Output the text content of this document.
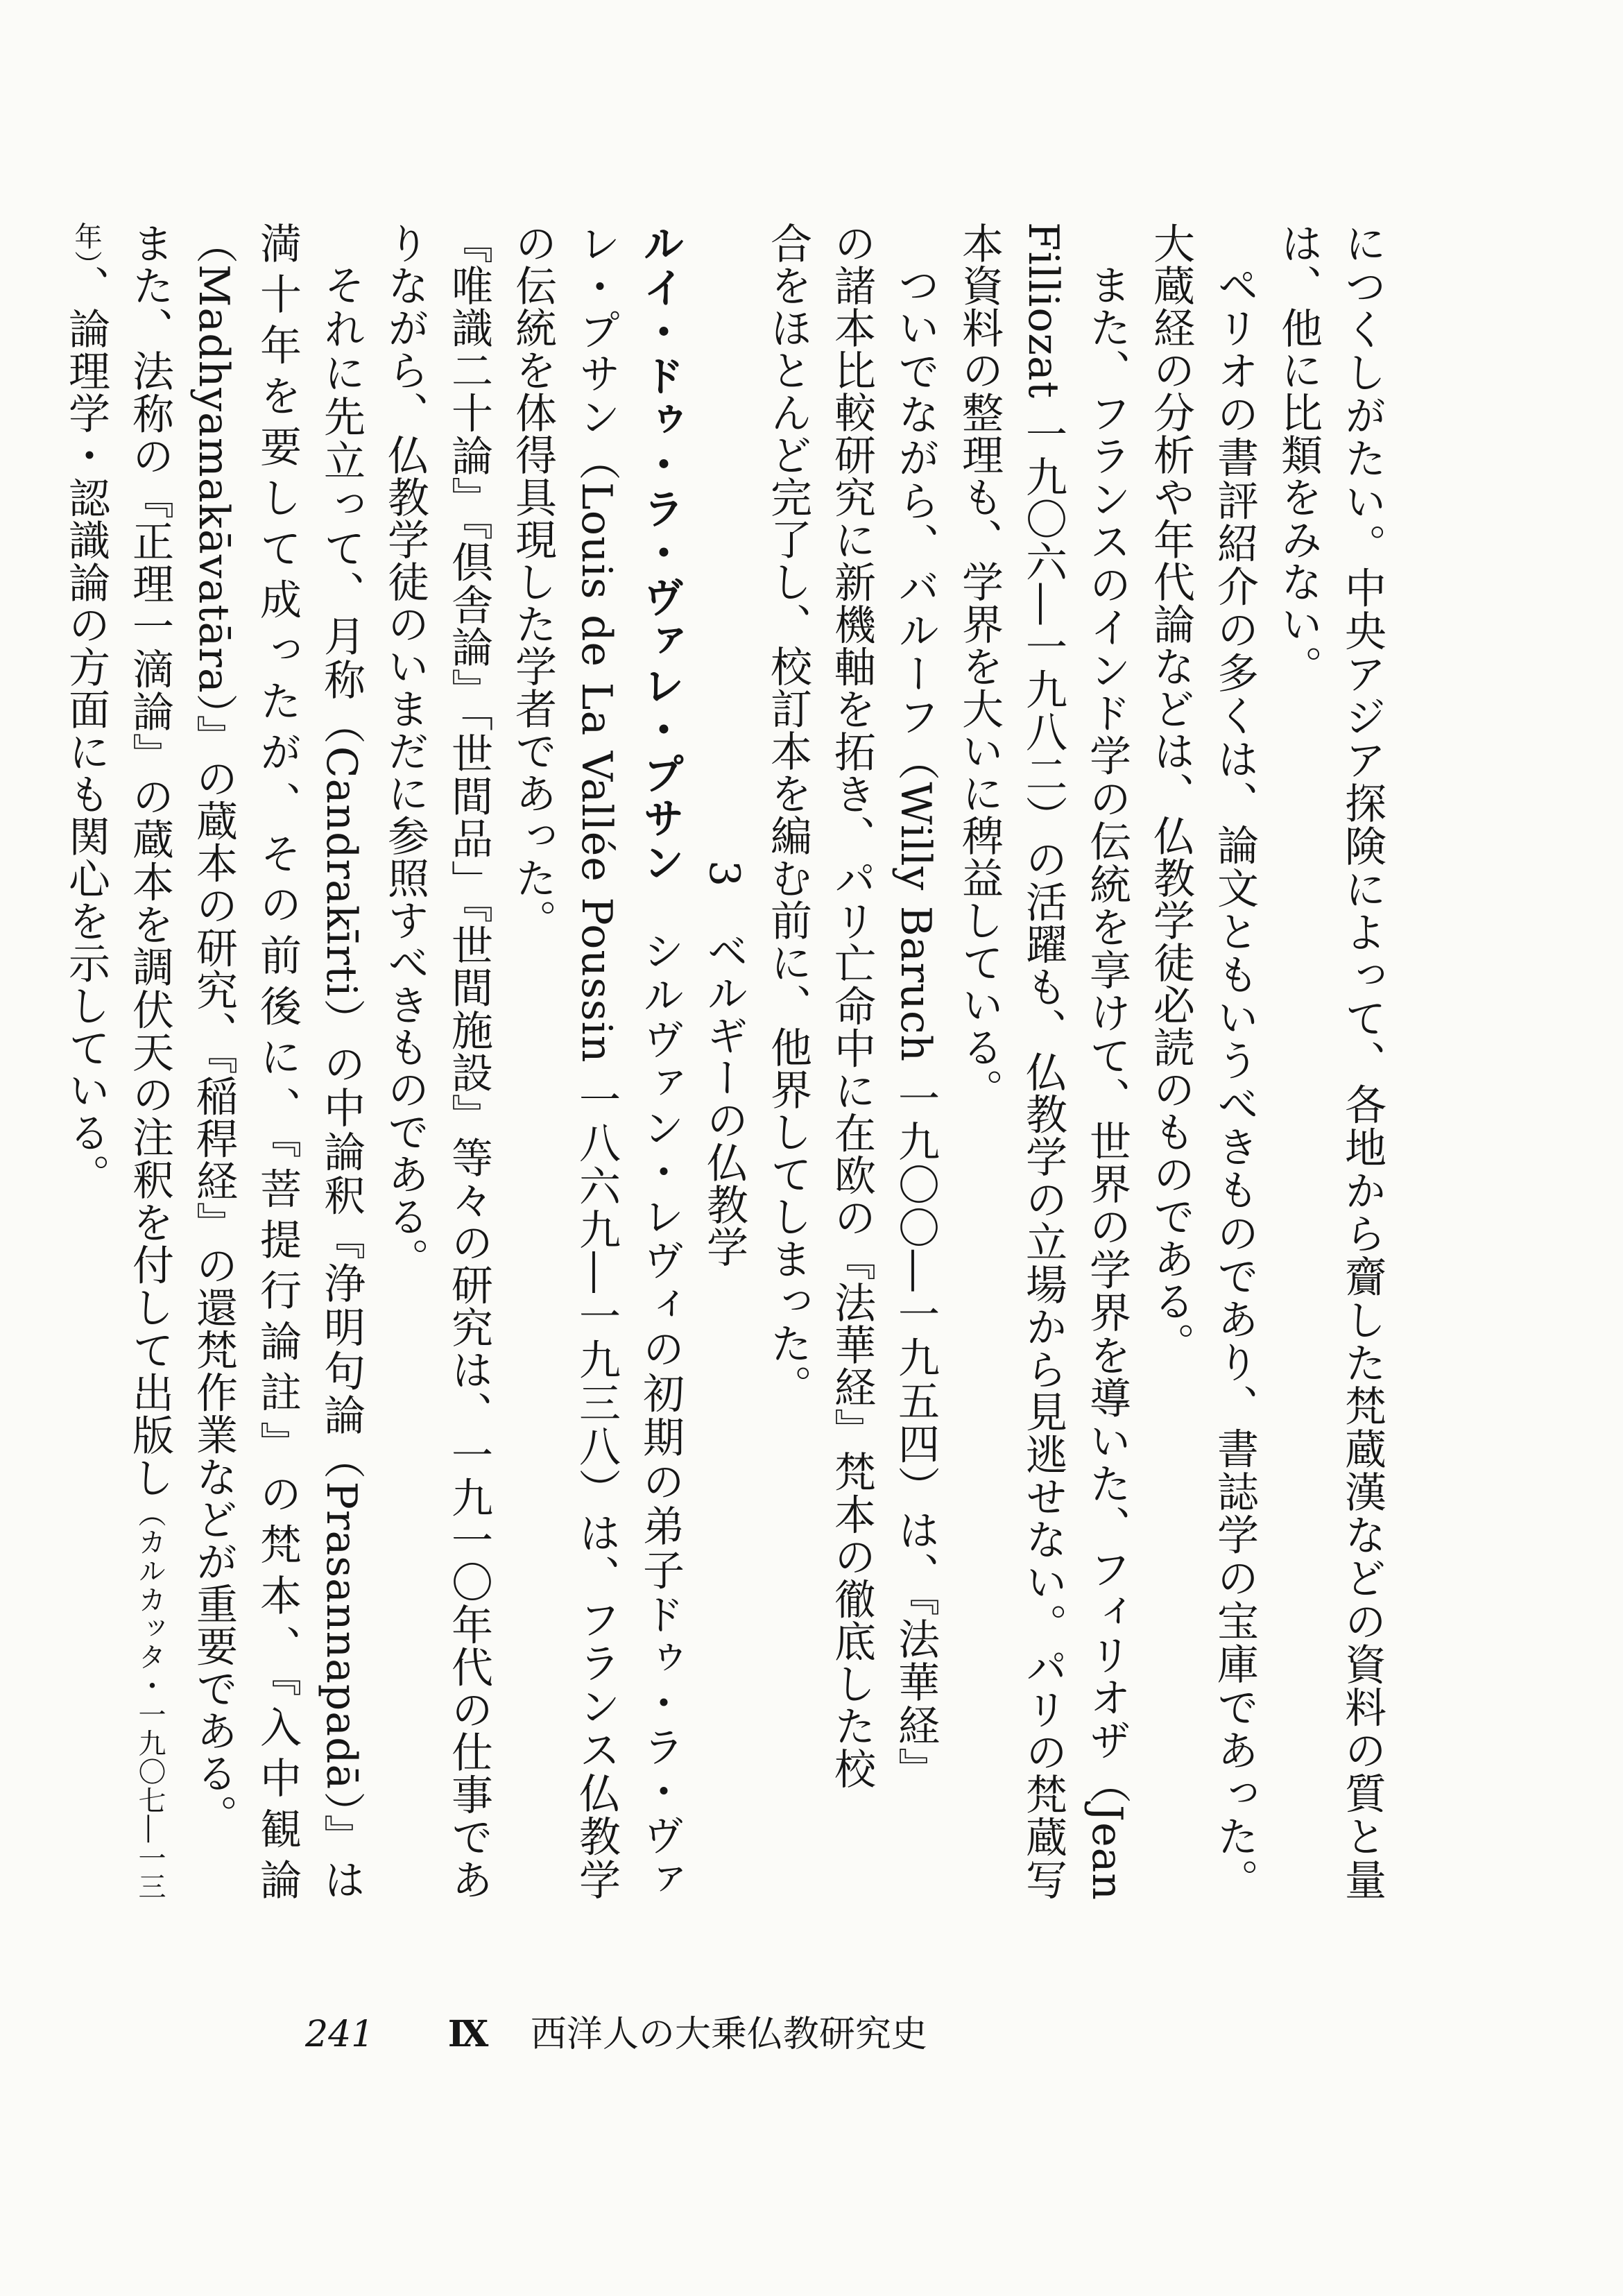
につくしがたい。中央アジア探険によって、各地から齎した梵蔵漢などの資料の質と量は、他に比類をみない。

ペリオの書評紹介の多くは、論文ともいうべきものであり、書誌学の宝庫であった。大蔵経の分析や年代論などは、仏教学徒必読のものである。

また、フランスのインド学の伝統を享けて、世界の学界を導いた、フィリオザ（Jean Filliozat 一九〇六―一九八二）の活躍も、仏教学の立場から見逃せない。パリの梵蔵写本資料の整理も、学界を大いに稗益している。

ついでながら、バルーフ（Willy Baruch 一九〇〇―一九五四）は、『法華経』の諸本比較研究に新機軸を拓き、パリ亡命中に在欧の『法華経』梵本の徹底した校合をほとんど完了し、校訂本を編む前に、他界してしまった。

3　ベルギーの仏教学

ルイ・ドゥ・ラ・ヴァレ・プサン　シルヴァン・レヴィの初期の弟子ドゥ・ラ・ヴァレ・プサン（Louis de La Vallée Poussin 一八六九―一九三八）は、フランス仏教学の伝統を体得具現した学者であった。

『唯識二十論』『倶舎論』「世間品」『世間施設』等々の研究は、一九一〇年代の仕事でありながら、仏教学徒のいまだに参照すべきものである。

それに先立って、月称（Candrakīrti）の中論釈『浄明句論（Prasannapadā）』は満十年を要して成ったが、その前後に、『菩提行論註』の梵本、『入中観論（Madhyamakāvatāra）』の蔵本の研究、『稲稈経』の還梵作業などが重要である。

また、法称の『正理一滴論』の蔵本を調伏天の注釈を付して出版し（カルカッタ・一九〇七―一三年）、論理学・認識論の方面にも関心を示している。

241 Ⅸ 西洋人の大乗仏教研究史
